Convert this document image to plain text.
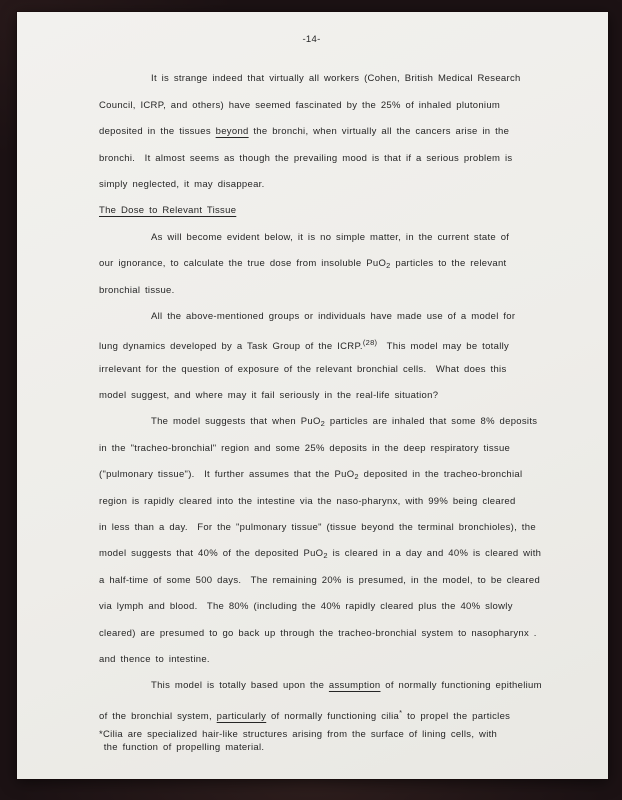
-14-
It is strange indeed that virtually all workers (Cohen, British Medical Research
Council, ICRP, and others) have seemed fascinated by the 25% of inhaled plutonium
deposited in the tissues beyond the bronchi, when virtually all the cancers arise in the
bronchi.  It almost seems as though the prevailing mood is that if a serious problem is
simply neglected, it may disappear.
The Dose to Relevant Tissue
As will become evident below, it is no simple matter, in the current state of
our ignorance, to calculate the true dose from insoluble PuO$_2$ particles to the relevant
bronchial tissue.
All the above-mentioned groups or individuals have made use of a model for
lung dynamics developed by a Task Group of the ICRP.$^{(28)}$  This model may be totally
irrelevant for the question of exposure of the relevant bronchial cells.  What does this
model suggest, and where may it fail seriously in the real-life situation?
The model suggests that when PuO$_2$ particles are inhaled that some 8% deposits
in the "tracheo-bronchial" region and some 25% deposits in the deep respiratory tissue
("pulmonary tissue").  It further assumes that the PuO$_2$ deposited in the tracheo-bronchial
region is rapidly cleared into the intestine via the naso-pharynx, with 99% being cleared
in less than a day.  For the "pulmonary tissue" (tissue beyond the terminal bronchioles), the
model suggests that 40% of the deposited PuO$_2$ is cleared in a day and 40% is cleared with
a half-time of some 500 days.  The remaining 20% is presumed, in the model, to be cleared
via lymph and blood.  The 80% (including the 40% rapidly cleared plus the 40% slowly
cleared) are presumed to go back up through the tracheo-bronchial system to nasopharynx .
and thence to intestine.
This model is totally based upon the assumption of normally functioning epithelium
of the bronchial system, particularly of normally functioning cilia* to propel the particles
*Cilia are specialized hair-like structures arising from the surface of lining cells, with
the function of propelling material.
